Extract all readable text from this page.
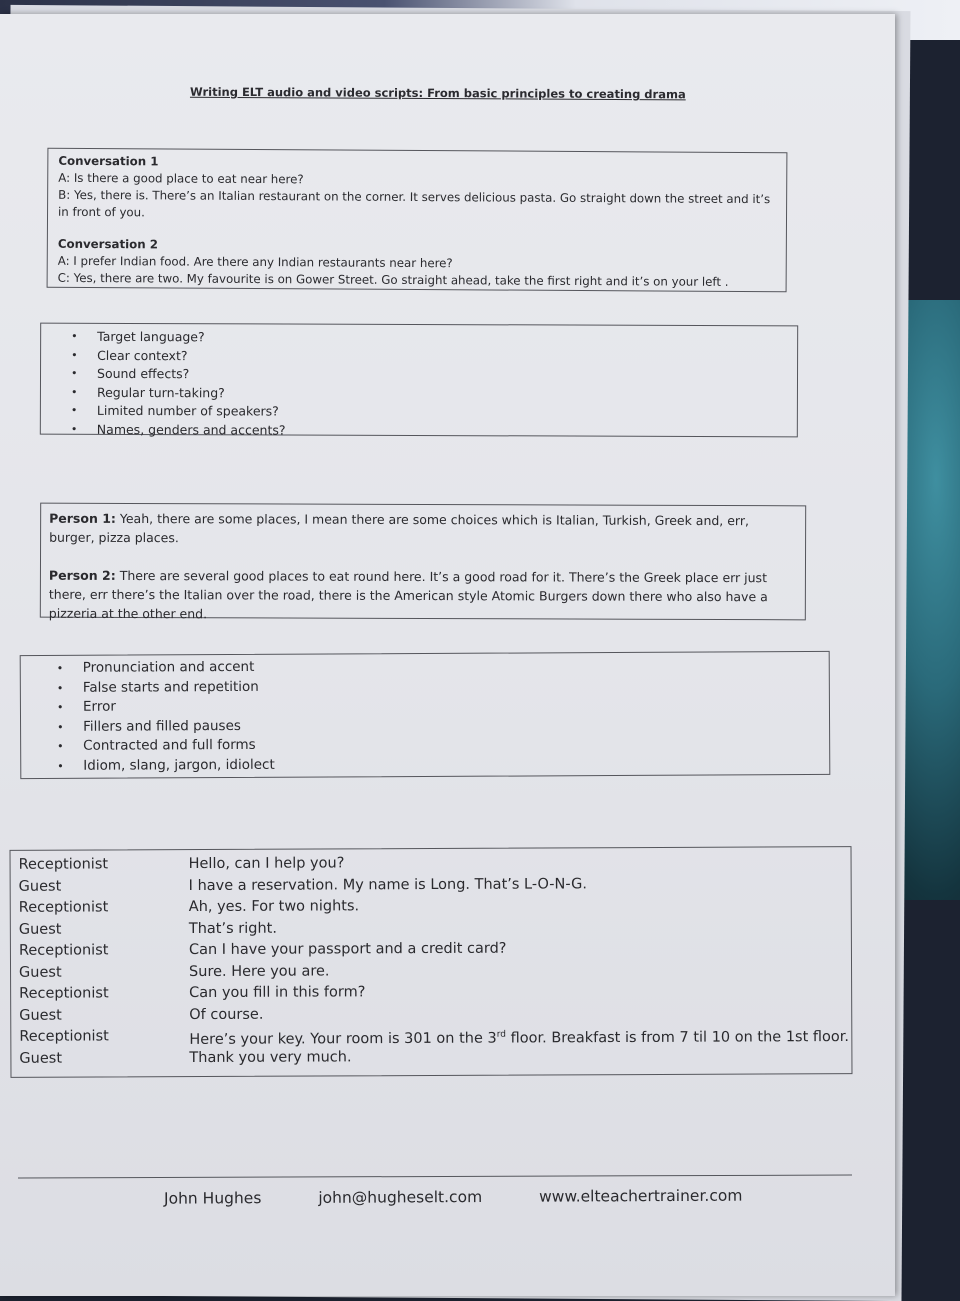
Writing ELT audio and video scripts: From basic principles to creating drama
Conversation 1
A: Is there a good place to eat near here?
B: Yes, there is. There’s an Italian restaurant on the corner. It serves delicious pasta. Go straight down the street and it’s in front of you.
Conversation 2
A: I prefer Indian food. Are there any Indian restaurants near here?
C: Yes, there are two. My favourite is on Gower Street. Go straight ahead, take the first right and it’s on your left .
• Target language?
• Clear context?
• Sound effects?
• Regular turn-taking?
• Limited number of speakers?
• Names, genders and accents?
Person 1: Yeah, there are some places, I mean there are some choices which is Italian, Turkish, Greek and, err, burger, pizza places.
Person 2: There are several good places to eat round here. It’s a good road for it. There’s the Greek place err just there, err there’s the Italian over the road, there is the American style Atomic Burgers down there who also have a pizzeria at the other end.
• Pronunciation and accent
• False starts and repetition
• Error
• Fillers and filled pauses
• Contracted and full forms
• Idiom, slang, jargon, idiolect
Receptionist	Hello, can I help you?
Guest	I have a reservation. My name is Long. That’s L-O-N-G.
Receptionist	Ah, yes. For two nights.
Guest	That’s right.
Receptionist	Can I have your passport and a credit card?
Guest	Sure. Here you are.
Receptionist	Can you fill in this form?
Guest	Of course.
Receptionist	Here’s your key. Your room is 301 on the 3rd floor. Breakfast is from 7 til 10 on the 1st floor.
Guest	Thank you very much.
John Hughes	john@hugheselt.com	www.elteachertrainer.com
